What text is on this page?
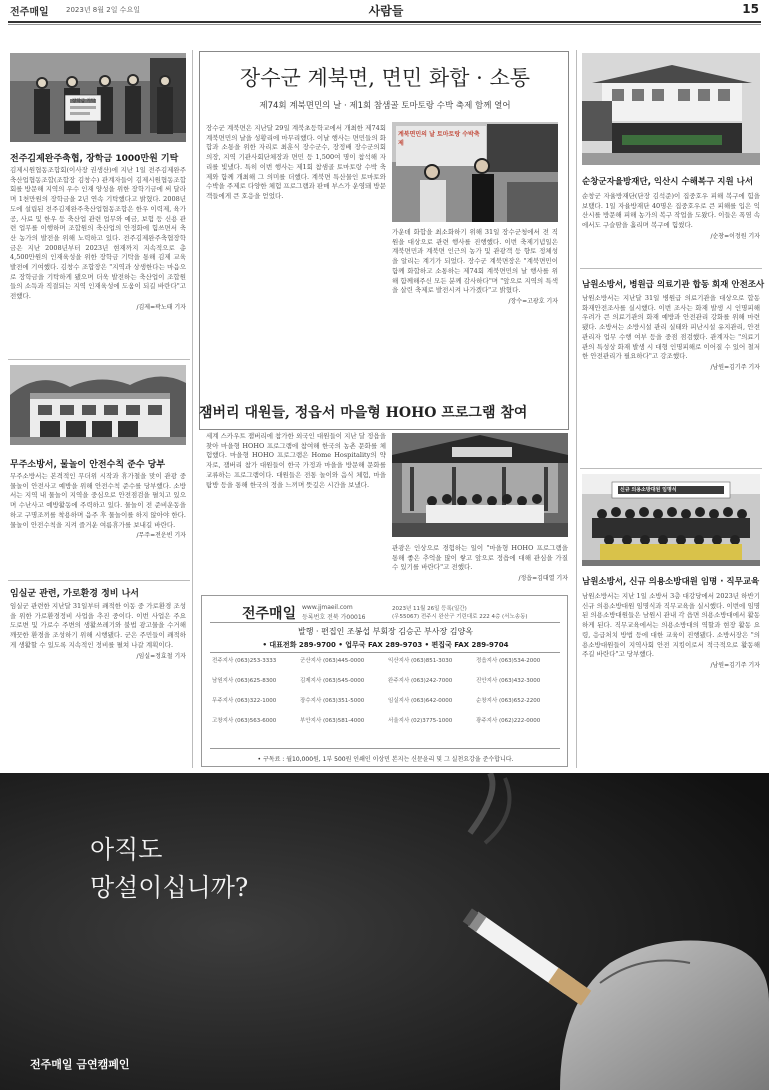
전주매일 2023년 8월 2일 수요일	사람들	15
장학금 기탁
전주김제완주축협, 장학금 1000만원 기탁
김제시원협동조합회(이사장 권생산)에 지난 1일 전주김제완주축산업협동조합(조합장 김창수) 관계자들이 김제시원협동조합회를 방문해 지역의 우수 인재 양성을 위한 장학기금에 써 달라며 1천만원의 장학금을 2년 연속 기탁했다고 밝혔다. 2008년도에 설립된 전주김제완주축산업협동조합은 한우 이력제, 육가공, 사료 및 한우 등 축산업 관련 업무와 예금, 보험 등 신용 관련 업무를 이행하며 조합원의 축산업의 안정화에 힘쓰면서 축산 농가의 발전을 위해 노력하고 있다. 전주김제완주축협장학금은 지난 2008년부터 2023년 현재까지 지속적으로 총 4,500만원의 인재육성을 위한 장학금 기탁을 통해 김제 교육발전에 기여했다. 김창수 조합장은 "지역과 상생한다는 마음으로 장학금을 기탁하게 됐으며 더욱 발전하는 축산업이 조합원들의 소득과 직결되는 지역 인재육성에 도움이 되길 바란다"고 전했다.
/김제=곽노태 기자
무주소방서, 물놀이 안전수칙 준수 당부
무주소방서는 본격적인 무더위 시작과 휴가철을 맞이 관광 중 물놀이 안전사고 예방을 위해 안전수칙 준수를 당부했다. 소방서는 지역 내 물놀이 지역을 중심으로 안전점검을 펼치고 있으며 수난사고 예방활동에 주력하고 있다. 물놀이 전 준비운동을 하고 구명조끼를 착용하며 음주 후 물놀이를 하지 않아야 한다. 물놀이 안전수칙을 지켜 즐거운 여름휴가를 보내길 바란다.
/무주=전운빈 기자
임실군 관련, 가로환경 정비 나서
임실군 관련한 지난달 31일부터 쾌적한 이동 중 가로환경 조성을 위한 가로환경정비 사업을 추진 중이다. 이번 사업은 주요 도로변 및 가로수 주변의 생활쓰레기와 불법 광고물을 수거해 깨끗한 환경을 조성하기 위해 시행됐다. 군은 주민들이 쾌적하게 생활할 수 있도록 지속적인 정비를 펼쳐 나갈 계획이다.
/임실=정효철 기자
장수군 계북면, 면민 화합 · 소통
제74회 계북면민의 날 · 제1회 참샘골 토마토랑 수박 축제 함께 열어
장수군 계북면은 지난달 29일 계북초등학교에서 개최한 제74회 계북면민의 날을 성황리에 마무리했다. 이날 행사는 면민들의 화합과 소통을 위한 자리로 최훈식 장수군수, 장정배 장수군의회 의장, 지역 기관사회단체장과 면민 등 1,500여 명이 참석해 자리를 빛냈다. 특히 이번 행사는 제1회 참샘골 토마토랑 수박 축제와 함께 개최해 그 의미를 더했다. 계북면 특산물인 토마토와 수박을 주제로 다양한 체험 프로그램과 판매 부스가 운영돼 방문객들에게 큰 호응을 얻었다.
계북면민의 날 토마토랑 수박축제
가운데 화합을 최소화하기 위해 31일 장수군청에서 전 직원을 대상으로 관련 행사를 진행했다. 이번 축제기념일은 계북면민과 계북면 인근의 농가 및 관광객 등 향토 정체성을 알리는 계기가 되었다. 장수군 계북면장은 "계북면민이 함께 화합하고 소통하는 제74회 계북면민의 날 행사를 위해 함께해주신 모든 분께 감사하다"며 "앞으로 지역의 특색을 살린 축제로 발전시켜 나가겠다"고 밝혔다.
/장수=고광호 기자
잼버리 대원들, 정읍서 마을형 HOHO 프로그램 참여
세계 스카우트 잼버리에 참가한 외국인 대원들이 지난 달 정읍을 찾아 마을형 HOHO 프로그램에 참여해 한국의 농촌 문화를 체험했다. 마을형 HOHO 프로그램은 Home Hospitality의 약자로, 잼버리 참가 대원들이 한국 가정과 마을을 방문해 문화를 교류하는 프로그램이다. 대원들은 전통 놀이와 음식 체험, 마을 탐방 등을 통해 한국의 정을 느끼며 뜻깊은 시간을 보냈다.
관광은 인상으로 경험하는 일이 "마을형 HOHO 프로그램을 통해 좋은 추억을 많이 쌓고 앞으로 정읍에 대해 관심을 가질 수 있기를 바란다"고 전했다.
/정읍=김대열 기자
전주매일 www.jjmaeil.com
등록번호 전북 가00016
2023년 11월 26일 등록(일간)
(우55067) 전주시 완산구 기린대로 222 4층 (서노송동)
발행 · 편집인 조봉섭 부회장 김승곤 부사장 김양옥
• 대표전화 289-9700 • 업무국 FAX 289-9703 • 편집국 FAX 289-9704
전주지사 (063)253-3333	군산지사 (063)445-0000	익산지사 (063)851-3030	정읍지사 (063)534-2000
남원지사 (063)625-8300	김제지사 (063)545-0000	완주지사 (063)242-7000	진안지사 (063)432-3000
무주지사 (063)322-1000	장수지사 (063)351-5000	임실지사 (063)642-0000	순창지사 (063)652-2200
고창지사 (063)563-6000	부안지사 (063)581-4000	서울지사 (02)3775-1000	광주지사 (062)222-0000
• 구독료 : 월10,000원, 1부 500원 인쇄인 이상민 본지는 신문윤리 및 그 실천요강을 준수합니다.
순창군자율방재단, 익산시 수해복구 지원 나서
순창군 자율방재단(단장 김석준)이 집중호우 피해 복구에 힘을 보탰다. 1일 자율방재단 40명은 집중호우로 큰 피해를 입은 익산시를 방문해 피해 농가의 복구 작업을 도왔다. 이들은 폭염 속에서도 구슬땀을 흘리며 복구에 힘썼다.
/순창=이정원 기자
남원소방서, 병원급 의료기관 합동 회재 안전조사
남원소방서는 지난달 31일 병원급 의료기관을 대상으로 합동 화재안전조사를 실시했다. 이번 조사는 화재 발생 시 인명피해 우려가 큰 의료기관의 화재 예방과 안전관리 강화를 위해 마련됐다. 소방서는 소방시설 관리 실태와 피난시설 유지관리, 안전관리자 업무 수행 여부 등을 중점 점검했다. 관계자는 "의료기관의 특성상 화재 발생 시 대형 인명피해로 이어질 수 있어 철저한 안전관리가 필요하다"고 강조했다.
/남원=김기주 기자
신규 의용소방대원 임명식
남원소방서, 신규 의용소방대원 임명 · 직무교육
남원소방서는 지난 1일 소방서 3층 대강당에서 2023년 하반기 신규 의용소방대원 임명식과 직무교육을 실시했다. 이번에 임명된 의용소방대원들은 남원시 관내 각 읍면 의용소방대에서 활동하게 된다. 직무교육에서는 의용소방대의 역할과 현장 활동 요령, 응급처치 방법 등에 대한 교육이 진행됐다. 소방서장은 "의용소방대원들이 지역사회 안전 지킴이로서 적극적으로 활동해주길 바란다"고 당부했다.
/남원=김기주 기자
아직도
망설이십니까?
전주매일 금연캠페인
